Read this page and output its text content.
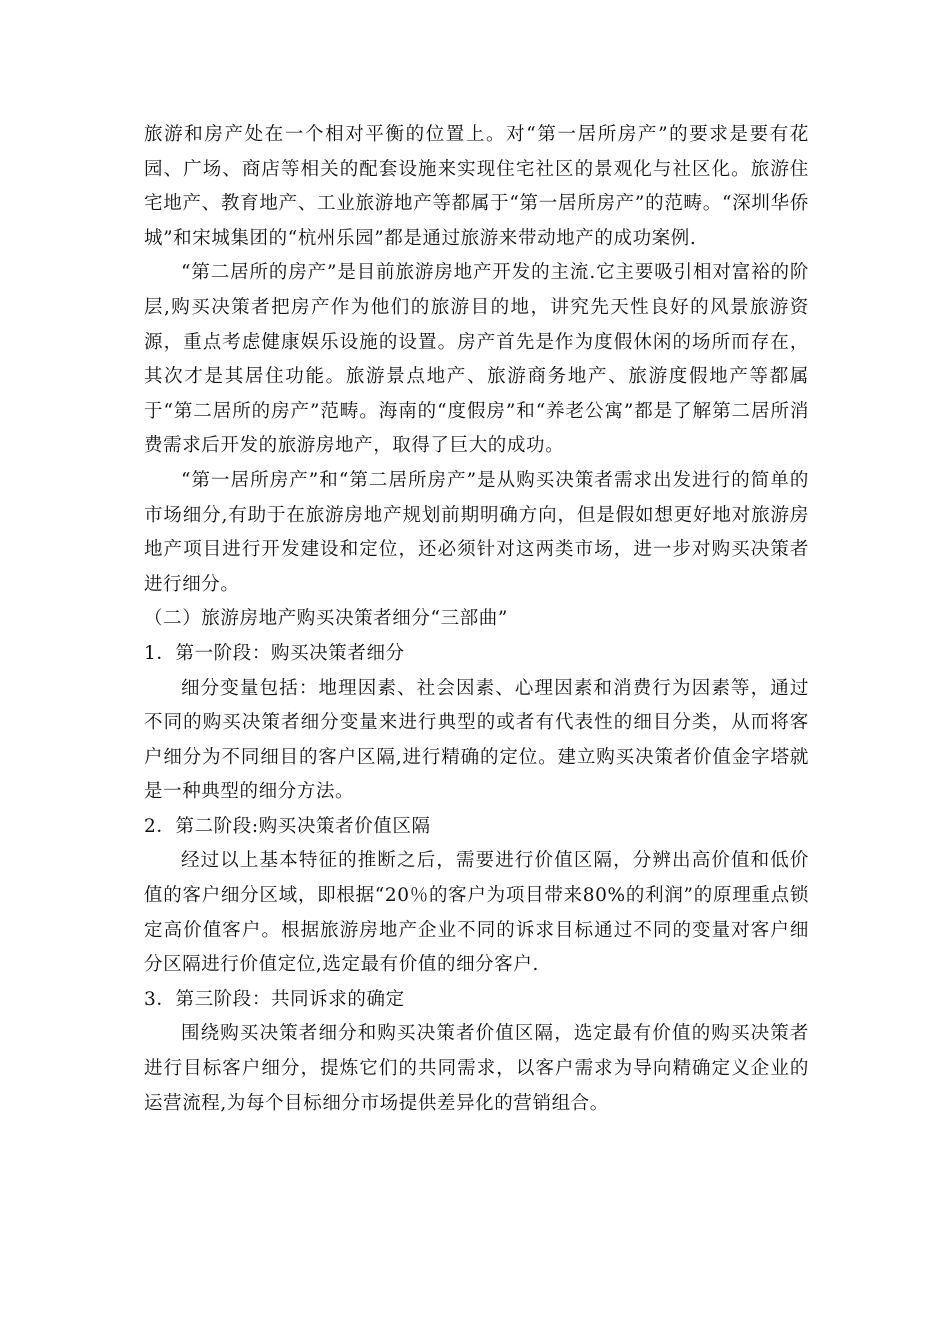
旅游和房产处在一个相对平衡的位置上。对“第一居所房产”的要求是要有花园、广场、商店等相关的配套设施来实现住宅社区的景观化与社区化。旅游住宅地产、教育地产、工业旅游地产等都属于“第一居所房产”的范畴。“深圳华侨城”和宋城集团的“杭州乐园”都是通过旅游来带动地产的成功案例.

“第二居所的房产”是目前旅游房地产开发的主流.它主要吸引相对富裕的阶层,购买决策者把房产作为他们的旅游目的地，讲究先天性良好的风景旅游资源，重点考虑健康娱乐设施的设置。房产首先是作为度假休闲的场所而存在，其次才是其居住功能。旅游景点地产、旅游商务地产、旅游度假地产等都属于“第二居所的房产”范畴。海南的“度假房”和“养老公寓”都是了解第二居所消费需求后开发的旅游房地产，取得了巨大的成功。

“第一居所房产”和“第二居所房产”是从购买决策者需求出发进行的简单的市场细分,有助于在旅游房地产规划前期明确方向，但是假如想更好地对旅游房地产项目进行开发建设和定位，还必须针对这两类市场，进一步对购买决策者进行细分。

（二）旅游房地产购买决策者细分“三部曲”

1．第一阶段：购买决策者细分

细分变量包括：地理因素、社会因素、心理因素和消费行为因素等，通过不同的购买决策者细分变量来进行典型的或者有代表性的细目分类，从而将客户细分为不同细目的客户区隔,进行精确的定位。建立购买决策者价值金字塔就是一种典型的细分方法。

2．第二阶段:购买决策者价值区隔

经过以上基本特征的推断之后，需要进行价值区隔，分辨出高价值和低价值的客户细分区域，即根据“20％的客户为项目带来80%的利润”的原理重点锁定高价值客户。根据旅游房地产企业不同的诉求目标通过不同的变量对客户细分区隔进行价值定位,选定最有价值的细分客户.

3．第三阶段：共同诉求的确定

围绕购买决策者细分和购买决策者价值区隔，选定最有价值的购买决策者进行目标客户细分，提炼它们的共同需求，以客户需求为导向精确定义企业的运营流程,为每个目标细分市场提供差异化的营销组合。
